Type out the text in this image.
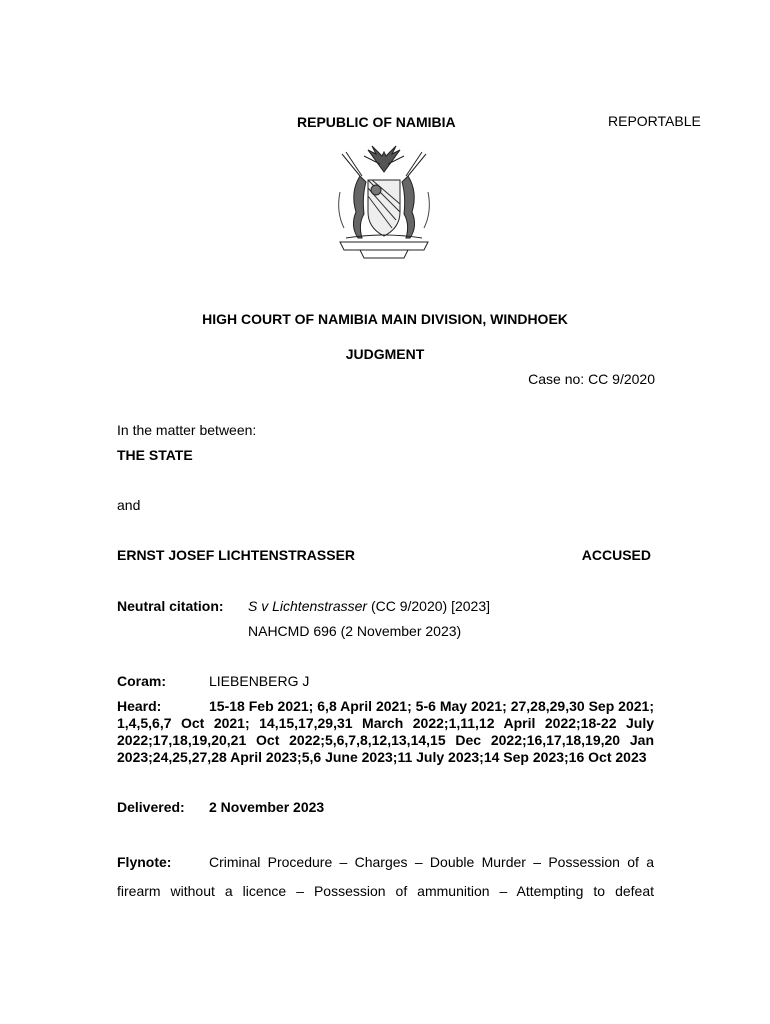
REPUBLIC OF NAMIBIA	REPORTABLE

HIGH COURT OF NAMIBIA MAIN DIVISION, WINDHOEK

JUDGMENT

Case no: CC 9/2020

In the matter between:

THE STATE

and

ERNST JOSEF LICHTENSTRASSER	ACCUSED

Neutral citation: S v Lichtenstrasser (CC 9/2020) [2023]

NAHCMD 696 (2 November 2023)

Coram:	LIEBENBERG J

Heard:	15-18 Feb 2021; 6,8 April 2021; 5-6 May 2021; 27,28,29,30 Sep 2021; 1,4,5,6,7 Oct 2021; 14,15,17,29,31 March 2022;1,11,12 April 2022;18-22 July 2022;17,18,19,20,21 Oct 2022;5,6,7,8,12,13,14,15 Dec 2022;16,17,18,19,20 Jan 2023;24,25,27,28 April 2023;5,6 June 2023;11 July 2023;14 Sep 2023;16 Oct 2023

Delivered: 2 November 2023

Flynote:	Criminal Procedure – Charges – Double Murder – Possession of a firearm without a licence – Possession of ammunition – Attempting to defeat
